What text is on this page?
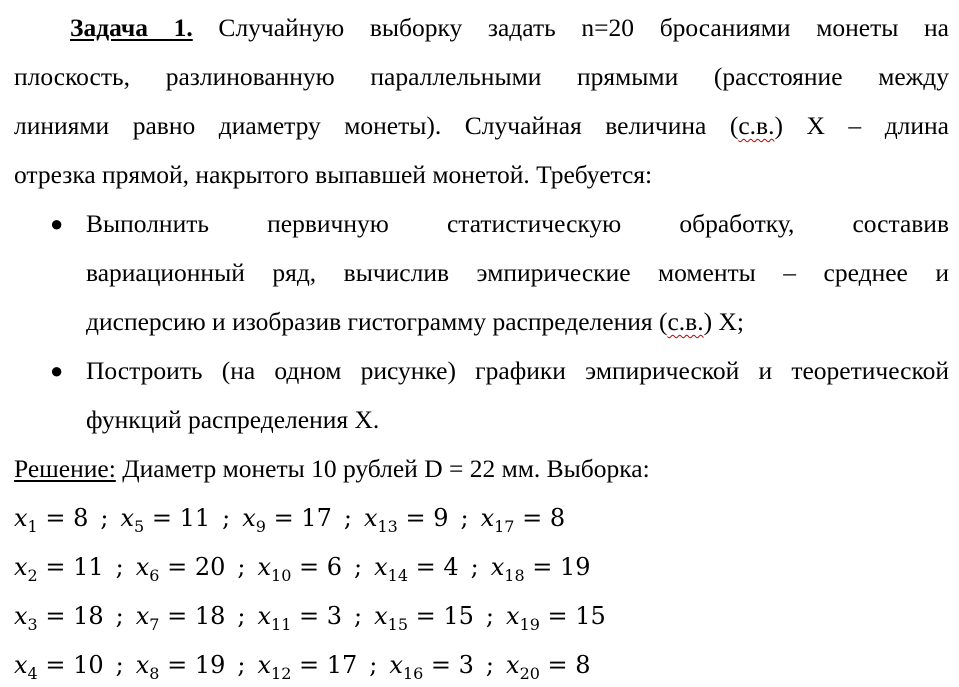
Задача 1. Случайную выборку задать n=20 бросаниями монеты на
плоскость, разлинованную параллельными прямыми (расстояние между
линиями равно диаметру монеты). Случайная величина (с.в.) X – длина
отрезка прямой, накрытого выпавшей монетой. Требуется:
● Выполнить первичную статистическую обработку, составив
вариационный ряд, вычислив эмпирические моменты – среднее и
дисперсию и изобразив гистограмму распределения (с.в.) X;
● Построить (на одном рисунке) графики эмпирической и теоретической
функций распределения X.
Решение: Диаметр монеты 10 рублей D = 22 мм. Выборка:
$x_1 = 8$ ; $x_5 = 11$ ; $x_9 = 17$ ; $x_{13} = 9$ ; $x_{17} = 8$
$x_2 = 11$ ; $x_6 = 20$ ; $x_{10} = 6$ ; $x_{14} = 4$ ; $x_{18} = 19$
$x_3 = 18$ ; $x_7 = 18$ ; $x_{11} = 3$ ; $x_{15} = 15$ ; $x_{19} = 15$
$x_4 = 10$ ; $x_8 = 19$ ; $x_{12} = 17$ ; $x_{16} = 3$ ; $x_{20} = 8$
